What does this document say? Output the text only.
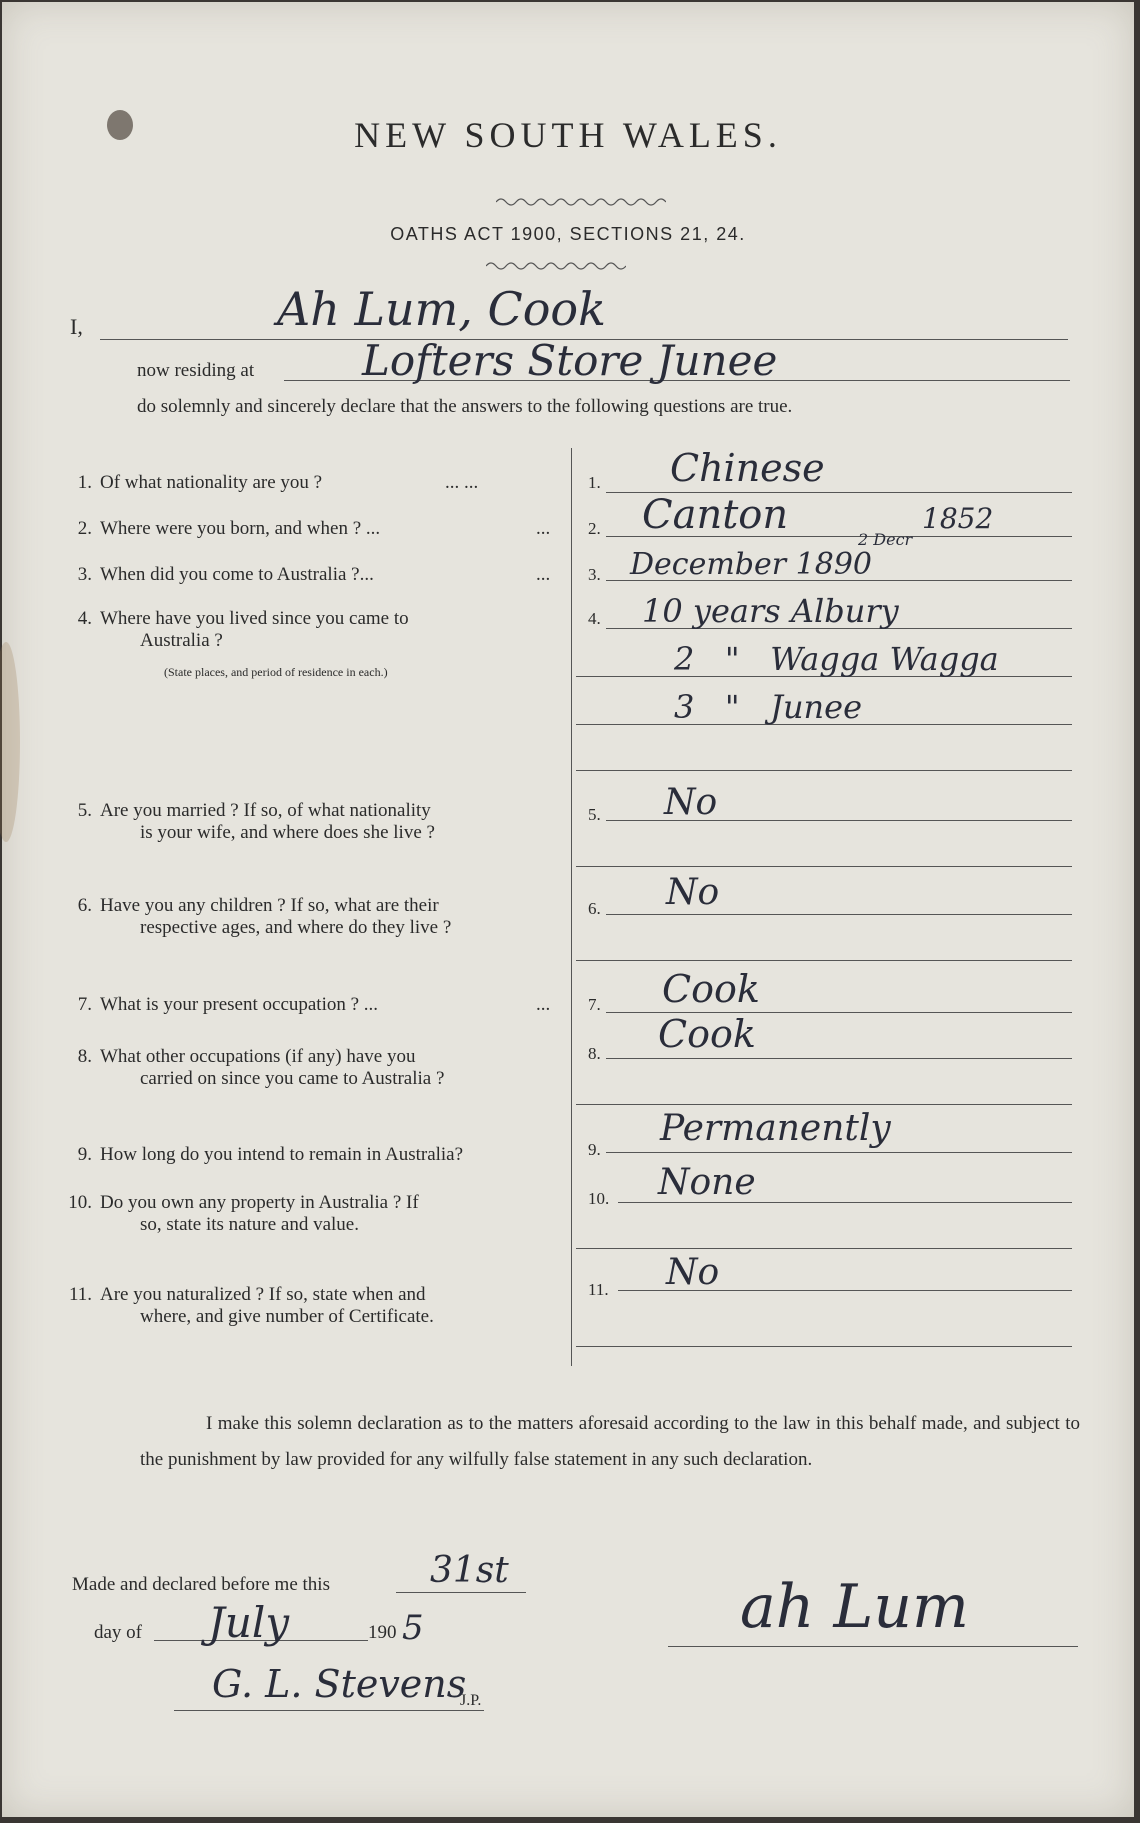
NEW SOUTH WALES.
OATHS ACT 1900, SECTIONS 21, 24.
I,	Ah Lum, Cook
now residing at	Lofters Store Junee
do solemnly and sincerely declare that the answers to the following questions are true.
1. Of what nationality are you ?	... ...	1. Chinese
2. Where were you born, and when ? ...	... 2. Canton	1852
2 Decr
3. When did you come to Australia ?...	... 3. December 1890
4. Where have you lived since you came to
Australia ?
(State places, and period of residence in each.)
4. 10 years Albury
2   "   Wagga Wagga
3   "   Junee
5. Are you married ? If so, of what nationality
is your wife, and where does she live ?
5. No
6. Have you any children ? If so, what are their
respective ages, and where do they live ?
6. No
7. What is your present occupation ? ...	... 7. Cook
8. What other occupations (if any) have you
carried on since you came to Australia ?
8. Cook
9. How long do you intend to remain in Australia?	9.
Permanently
10. Do you own any property in Australia ? If
so, state its nature and value.
10. None
11. Are you naturalized ? If so, state when and
where, and give number of Certificate.
11. No
I make this solemn declaration as to the matters aforesaid according to the law in this behalf made, and subject to the punishment by law provided for any wilfully false statement in any such declaration.
Made and declared before me this	31st
day of July	190 5
G. L. Stevens
J.P.
ah Lum
